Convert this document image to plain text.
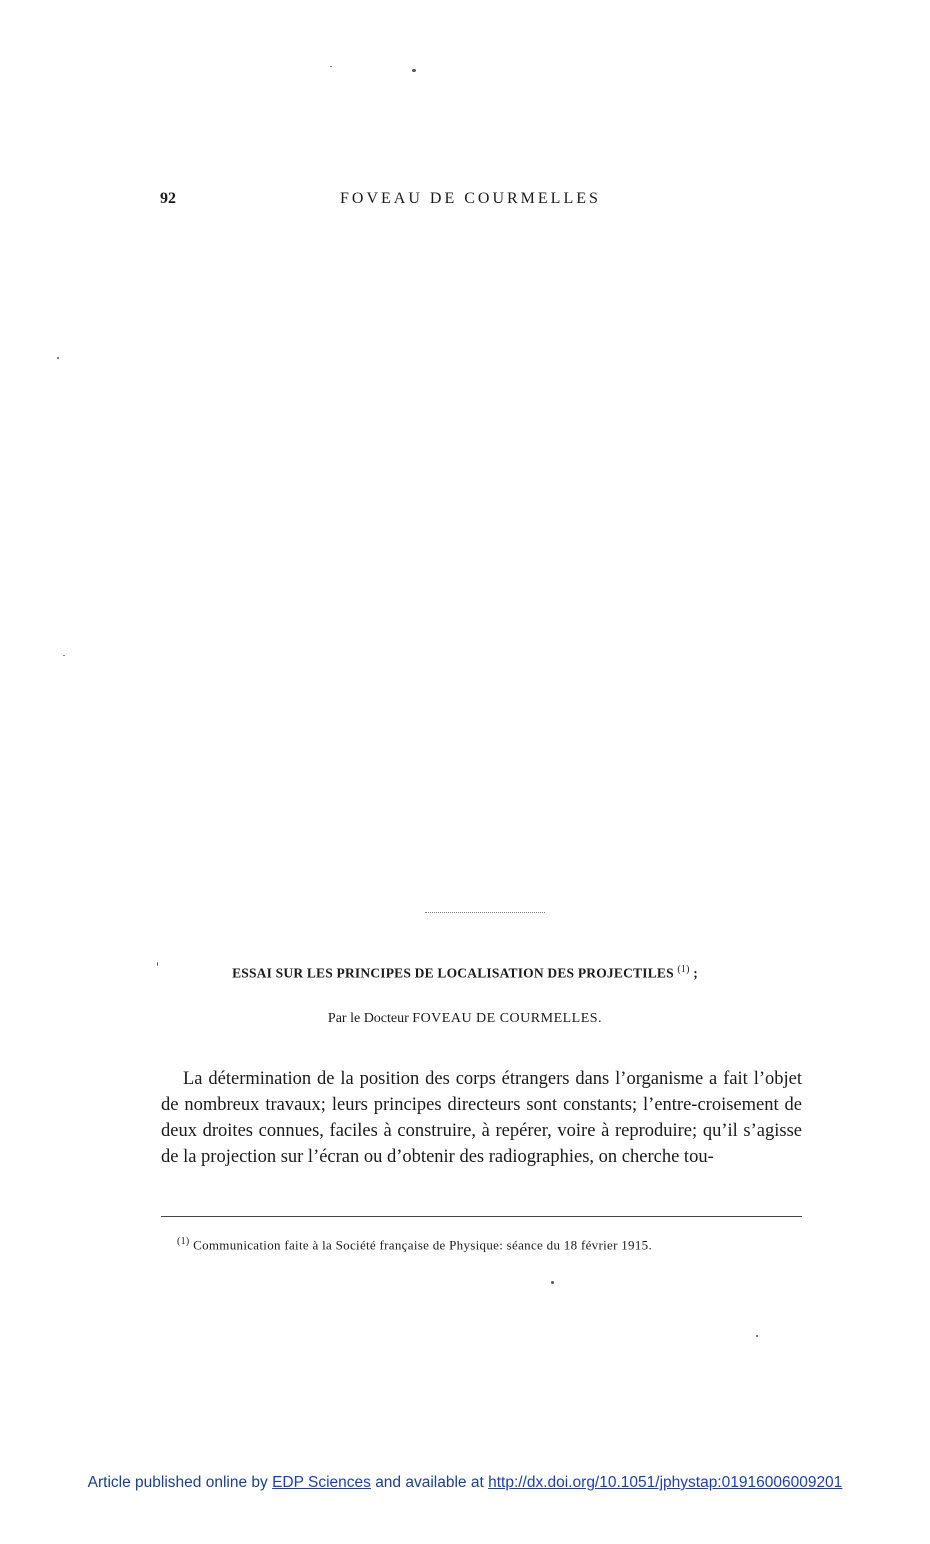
92	FOVEAU DE COURMELLES
ESSAI SUR LES PRINCIPES DE LOCALISATION DES PROJECTILES $^{(1)}$ ;
Par le Docteur FOVEAU DE COURMELLES.

La détermination de la position des corps étrangers dans l’organisme a fait l’objet de nombreux travaux; leurs principes directeurs sont constants; l’entre-croisement de deux droites connues, faciles à construire, à repérer, voire à reproduire; qu’il s’agisse de la projection sur l’écran ou d’obtenir des radiographies, on cherche tou-

$^{(1)}$ Communication faite à la Société française de Physique: séance du 18 février 1915.
Article published online by EDP Sciences and available at http://dx.doi.org/10.1051/jphystap:01916006009201
